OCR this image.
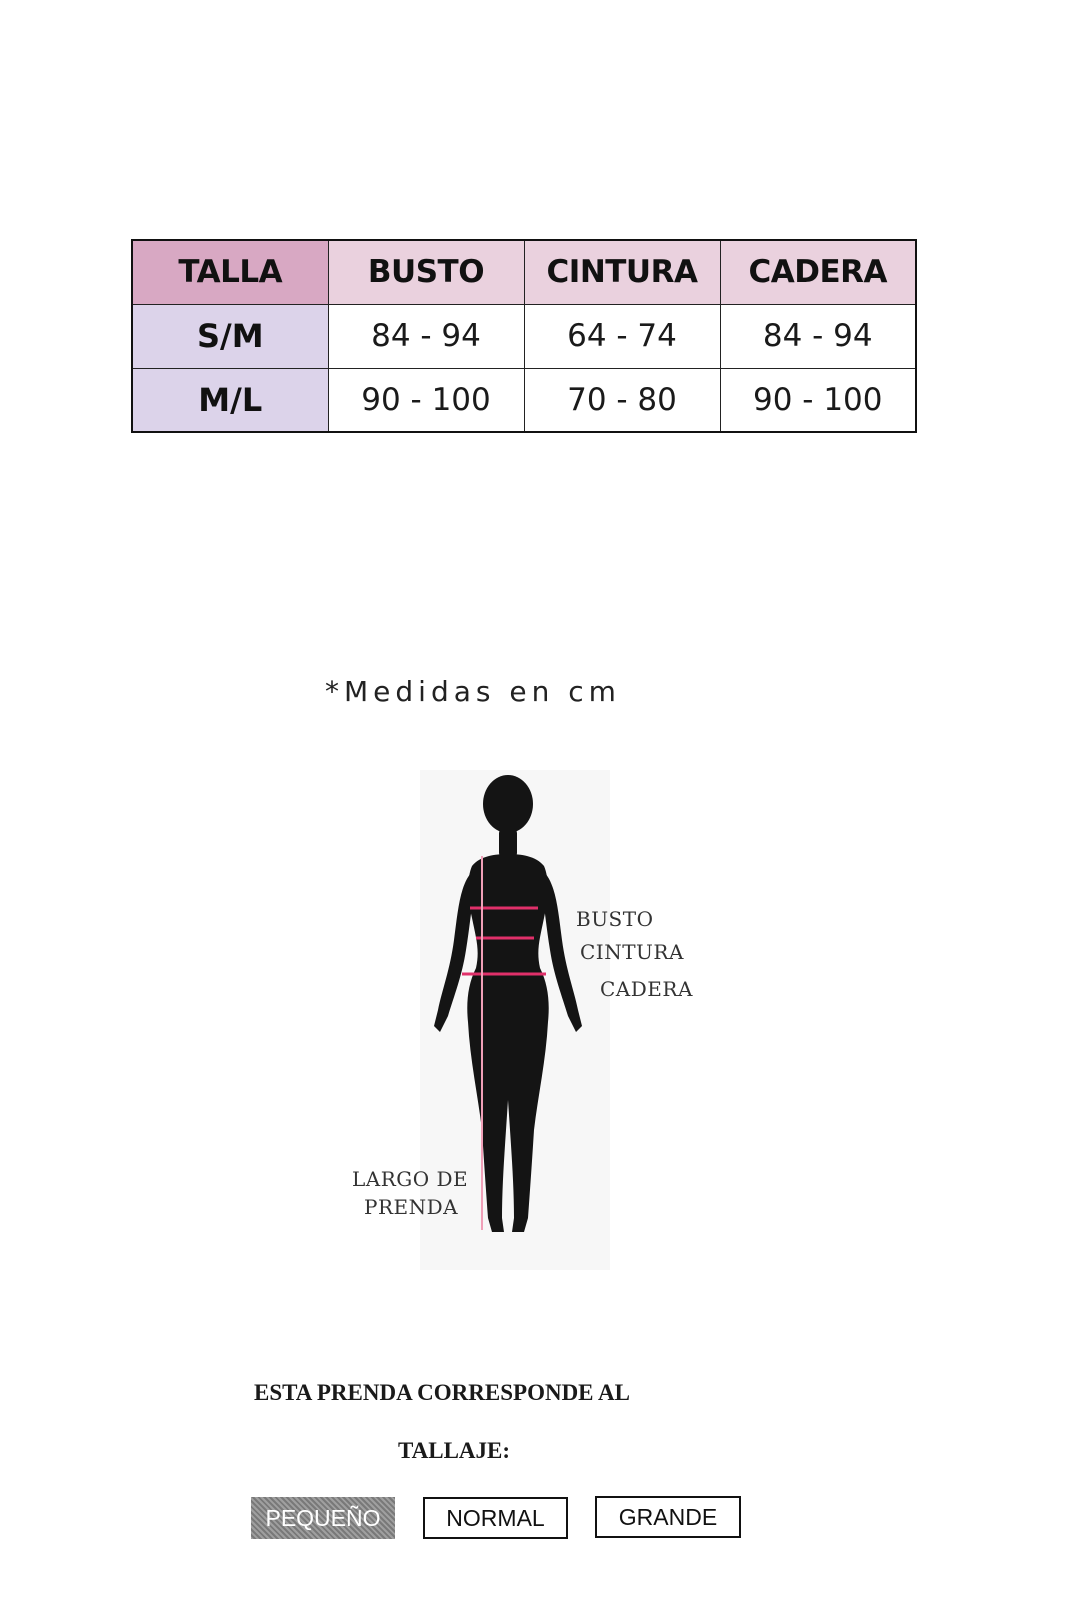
TALLA	BUSTO	CINTURA	CADERA
S/M	84 - 94	64 - 74	84 - 94
M/L	90 - 100	70 - 80	90 - 100
*Medidas en cm
BUSTO
CINTURA
CADERA
LARGO DE
PRENDA
ESTA PRENDA CORRESPONDE AL
TALLAJE:
PEQUEÑO	NORMAL	GRANDE
